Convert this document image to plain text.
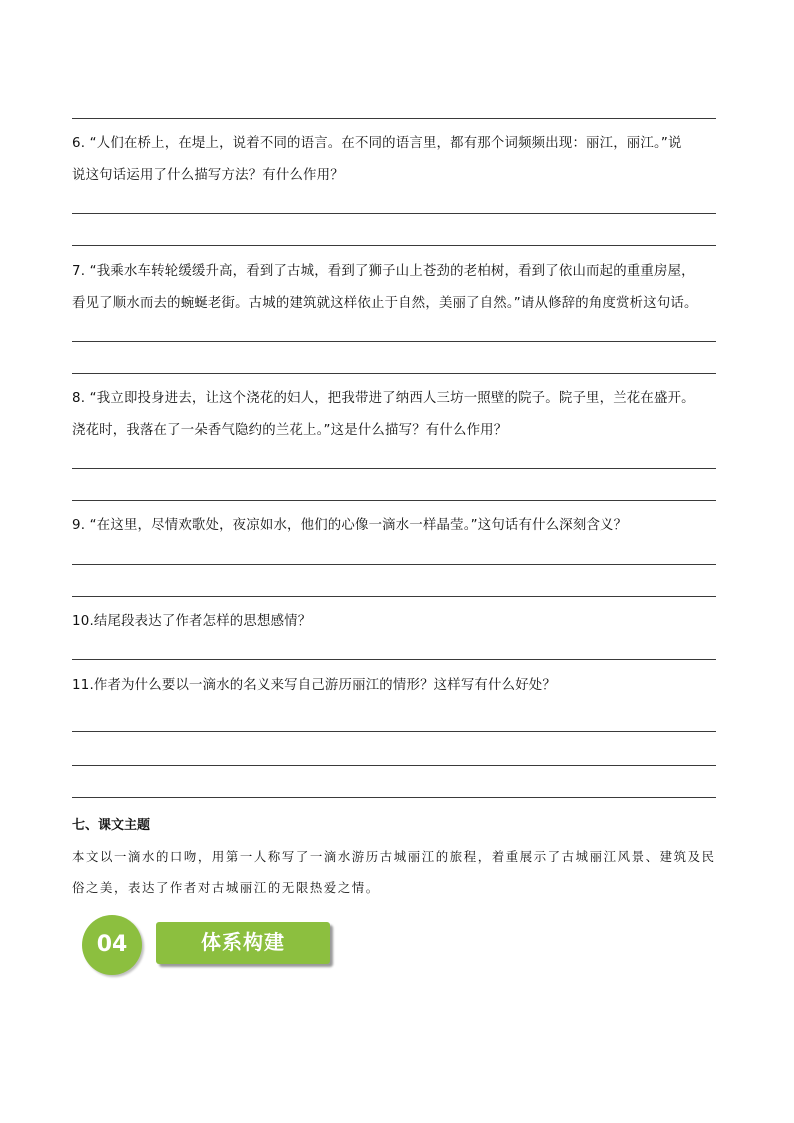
6. “人们在桥上，在堤上，说着不同的语言。在不同的语言里，都有那个词频频出现：丽江，丽江。”说
说这句话运用了什么描写方法？有什么作用？
7. “我乘水车转轮缓缓升高，看到了古城，看到了狮子山上苍劲的老柏树，看到了依山而起的重重房屋，
看见了顺水而去的蜿蜒老街。古城的建筑就这样依止于自然，美丽了自然。”请从修辞的角度赏析这句话。
8. “我立即投身进去，让这个浇花的妇人，把我带进了纳西人三坊一照壁的院子。院子里，兰花在盛开。
浇花时，我落在了一朵香气隐约的兰花上。”这是什么描写？有什么作用？
9. “在这里，尽情欢歌处，夜凉如水，他们的心像一滴水一样晶莹。”这句话有什么深刻含义？
10.结尾段表达了作者怎样的思想感情？
11.作者为什么要以一滴水的名义来写自己游历丽江的情形？这样写有什么好处？
七、课文主题
本文以一滴水的口吻，用第一人称写了一滴水游历古城丽江的旅程，着重展示了古城丽江风景、建筑及民
俗之美，表达了作者对古城丽江的无限热爱之情。
04	体系构建
